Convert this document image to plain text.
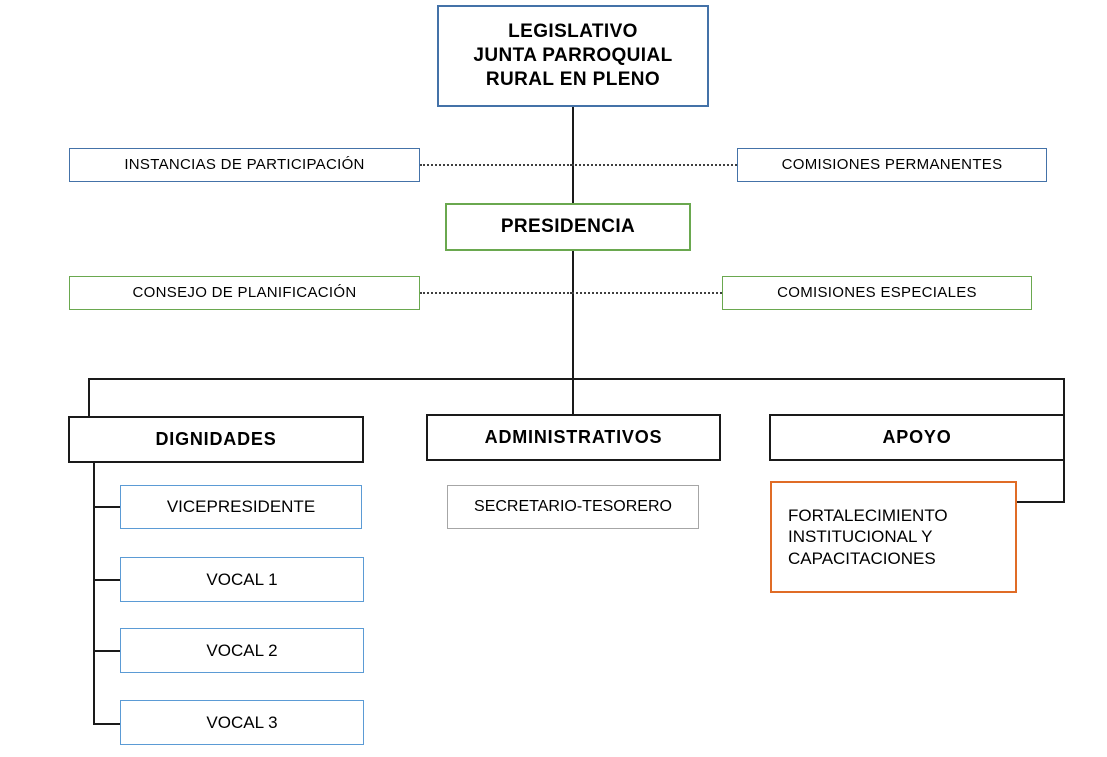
LEGISLATIVO
JUNTA PARROQUIAL
RURAL EN PLENO
INSTANCIAS DE PARTICIPACIÓN	COMISIONES PERMANENTES
PRESIDENCIA
CONSEJO DE PLANIFICACIÓN	COMISIONES ESPECIALES
DIGNIDADES	ADMINISTRATIVOS	APOYO
VICEPRESIDENTE
VOCAL 1
VOCAL 2
VOCAL 3
SECRETARIO-TESORERO	FORTALECIMIENTO
INSTITUCIONAL Y
CAPACITACIONES
